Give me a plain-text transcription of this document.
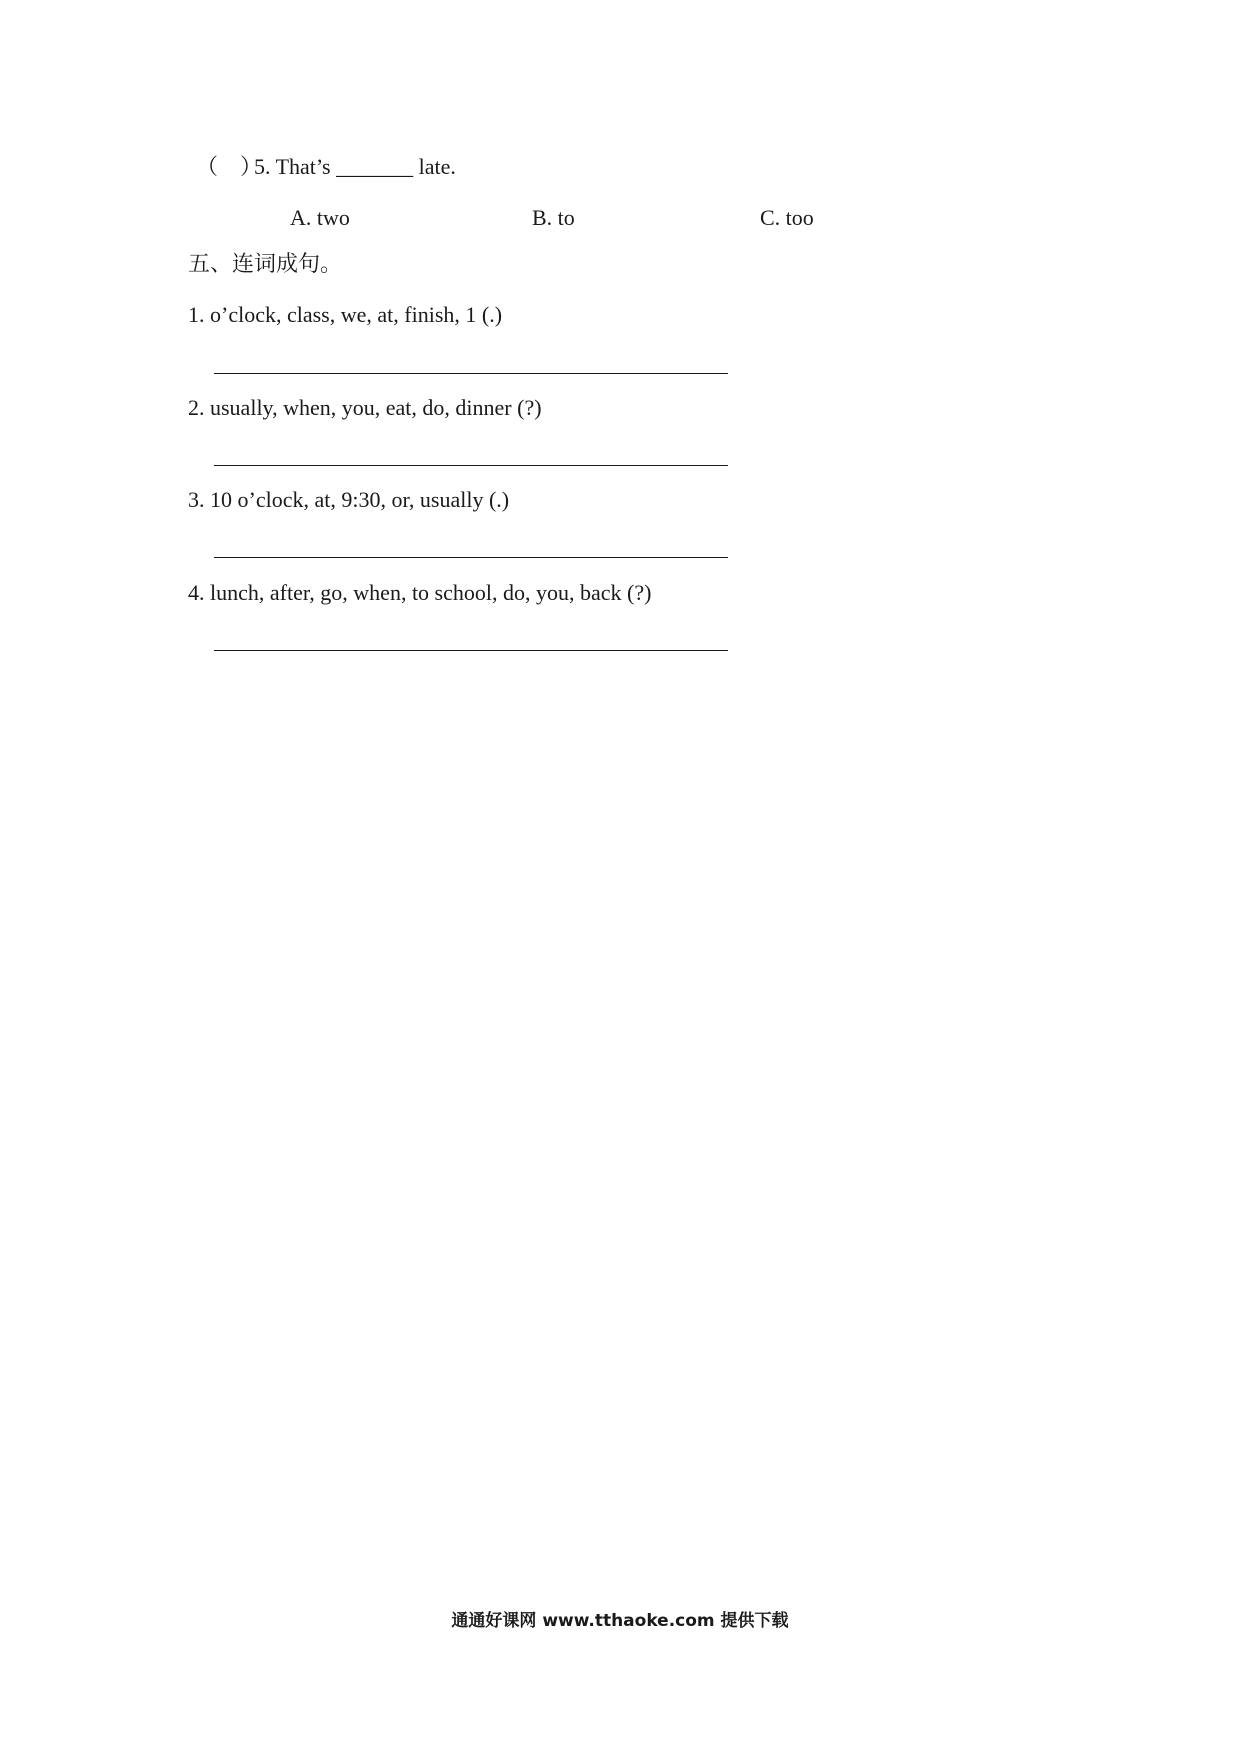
（　）5. That’s _______ late.
A. two	B. to	C. too
五、连词成句。
1. o’clock, class, we, at, finish, 1 (.)
2. usually, when, you, eat, do, dinner (?)
3. 10 o’clock, at, 9:30, or, usually (.)
4. lunch, after, go, when, to school, do, you, back (?)
通通好课网 www.tthaoke.com 提供下载
